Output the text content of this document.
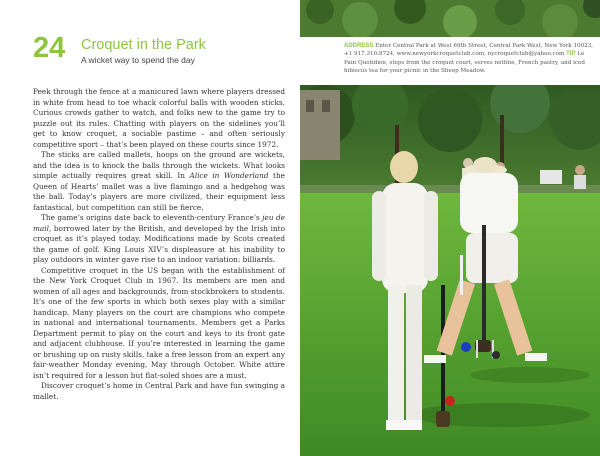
24 Croquet in the Park
A wicket way to spend the day

Peek through the fence at a manicured lawn where players dressed in white from head to toe whack colorful balls with wooden sticks. Curious crowds gather to watch, and folks new to the game try to puzzle out its rules. Chatting with players on the sidelines you’ll get to know croquet, a sociable pastime – and often seriously competitive sport – that’s been played on these courts since 1972.

The sticks are called mallets, hoops on the ground are wickets, and the idea is to knock the balls through the wickets. What looks simple actually requires great skill. In Alice in Wonderland the Queen of Hearts’ mallet was a live flamingo and a hedgehog was the ball. Today’s players are more civilized, their equipment less fantastical, but competition can still be fierce.

The game’s origins date back to eleventh-century France’s jeu de mail, borrowed later by the British, and developed by the Irish into croquet as it’s played today. Modifications made by Scots created the game of golf. King Louis XIV’s displeasure at his inability to play outdoors in winter gave rise to an indoor variation: billiards.

Competitive croquet in the US began with the establishment of the New York Croquet Club in 1967. Its members are men and women of all ages and backgrounds, from stockbrokers to students. It’s one of the few sports in which both sexes play with a similar handicap. Many players on the court are champions who compete in national and international tournaments. Members get a Parks Department permit to play on the court and keys to its front gate and adjacent clubhouse. If you’re interested in learning the game or brushing up on rusty skills, take a free lesson from an expert any fair-weather Monday evening, May through October. White attire isn’t required for a lesson but flat-soled shoes are a must.

Discover croquet’s home in Central Park and have fun swinging a mallet.

ADDRESS Enter Central Park at West 69th Street, Central Park West, New York 10023, +1 917.310.8724, www.newyorkcroquetclub.com, nycroquetclub@yahoo.com TIP Le Pain Quotidien, steps from the croquet court, serves nettine, French pastry, and iced hibiscus tea for your picnic in the Sheep Meadow.
